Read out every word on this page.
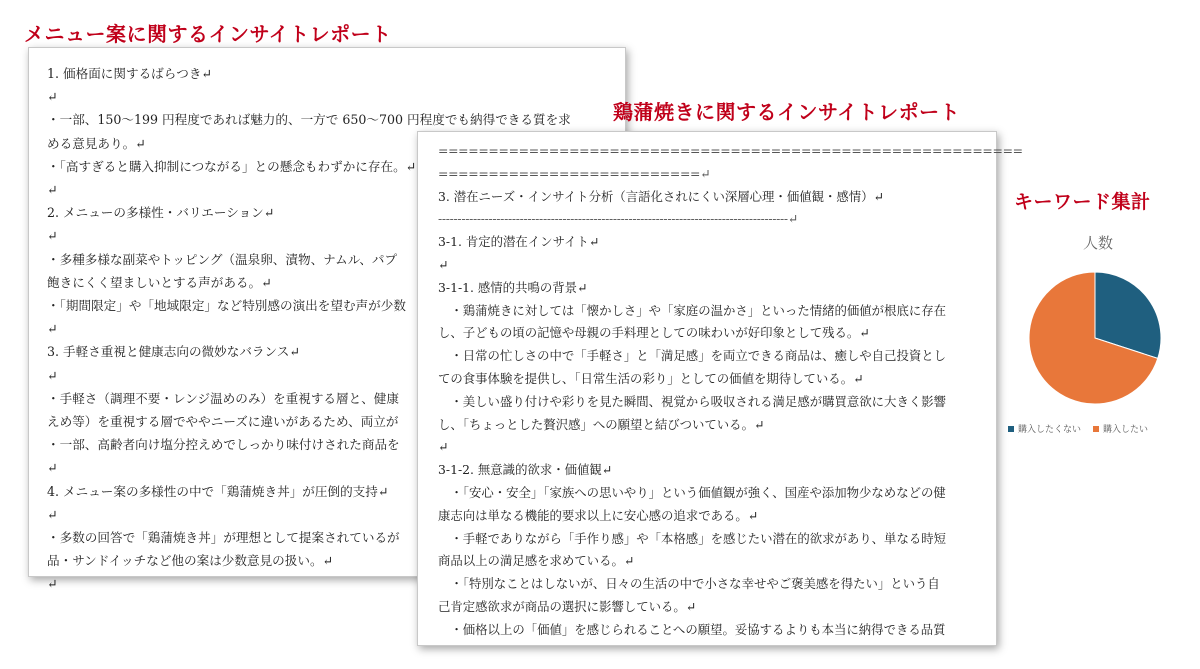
メニュー案に関するインサイトレポート
1. 価格面に関するばらつき↵
↵
・一部、150～199 円程度であれば魅力的、一方で 650～700 円程度でも納得できる質を求
める意見あり。↵
・「高すぎると購入抑制につながる」との懸念もわずかに存在。↵
↵
2. メニューの多様性・バリエーション↵
↵
・多種多様な副菜やトッピング（温泉卵、漬物、ナムル、パプ
飽きにくく望ましいとする声がある。↵
・「期間限定」や「地域限定」など特別感の演出を望む声が少数
↵
3. 手軽さ重視と健康志向の微妙なバランス↵
↵
・手軽さ（調理不要・レンジ温めのみ）を重視する層と、健康
えめ等）を重視する層でややニーズに違いがあるため、両立が
・一部、高齢者向け塩分控えめでしっかり味付けされた商品を
↵
4. メニュー案の多様性の中で「鶏蒲焼き丼」が圧倒的支持↵
↵
・多数の回答で「鶏蒲焼き丼」が理想として提案されているが
品・サンドイッチなど他の案は少数意見の扱い。↵
↵
鶏蒲焼きに関するインサイトレポート
==========================================================
==========================↵
3. 潜在ニーズ・インサイト分析（言語化されにくい深層心理・価値観・感情）↵
------------------------------------------------------------------------------------------↵
3-1. 肯定的潜在インサイト↵
↵
3-1-1. 感情的共鳴の背景↵
　・鶏蒲焼きに対しては「懐かしさ」や「家庭の温かさ」といった情緒的価値が根底に存在
し、子どもの頃の記憶や母親の手料理としての味わいが好印象として残る。↵
　・日常の忙しさの中で「手軽さ」と「満足感」を両立できる商品は、癒しや自己投資とし
ての食事体験を提供し、「日常生活の彩り」としての価値を期待している。↵
　・美しい盛り付けや彩りを見た瞬間、視覚から吸収される満足感が購買意欲に大きく影響
し、「ちょっとした贅沢感」への願望と結びついている。↵
↵
3-1-2. 無意識的欲求・価値観↵
　・「安心・安全」「家族への思いやり」という価値観が強く、国産や添加物少なめなどの健
康志向は単なる機能的要求以上に安心感の追求である。↵
　・手軽でありながら「手作り感」や「本格感」を感じたい潜在的欲求があり、単なる時短
商品以上の満足感を求めている。↵
　・「特別なことはしないが、日々の生活の中で小さな幸せやご褒美感を得たい」という自
己肯定感欲求が商品の選択に影響している。↵
　・価格以上の「価値」を感じられることへの願望。妥協するよりも本当に納得できる品質
キーワード集計
人数
購入したくない 購入したい
